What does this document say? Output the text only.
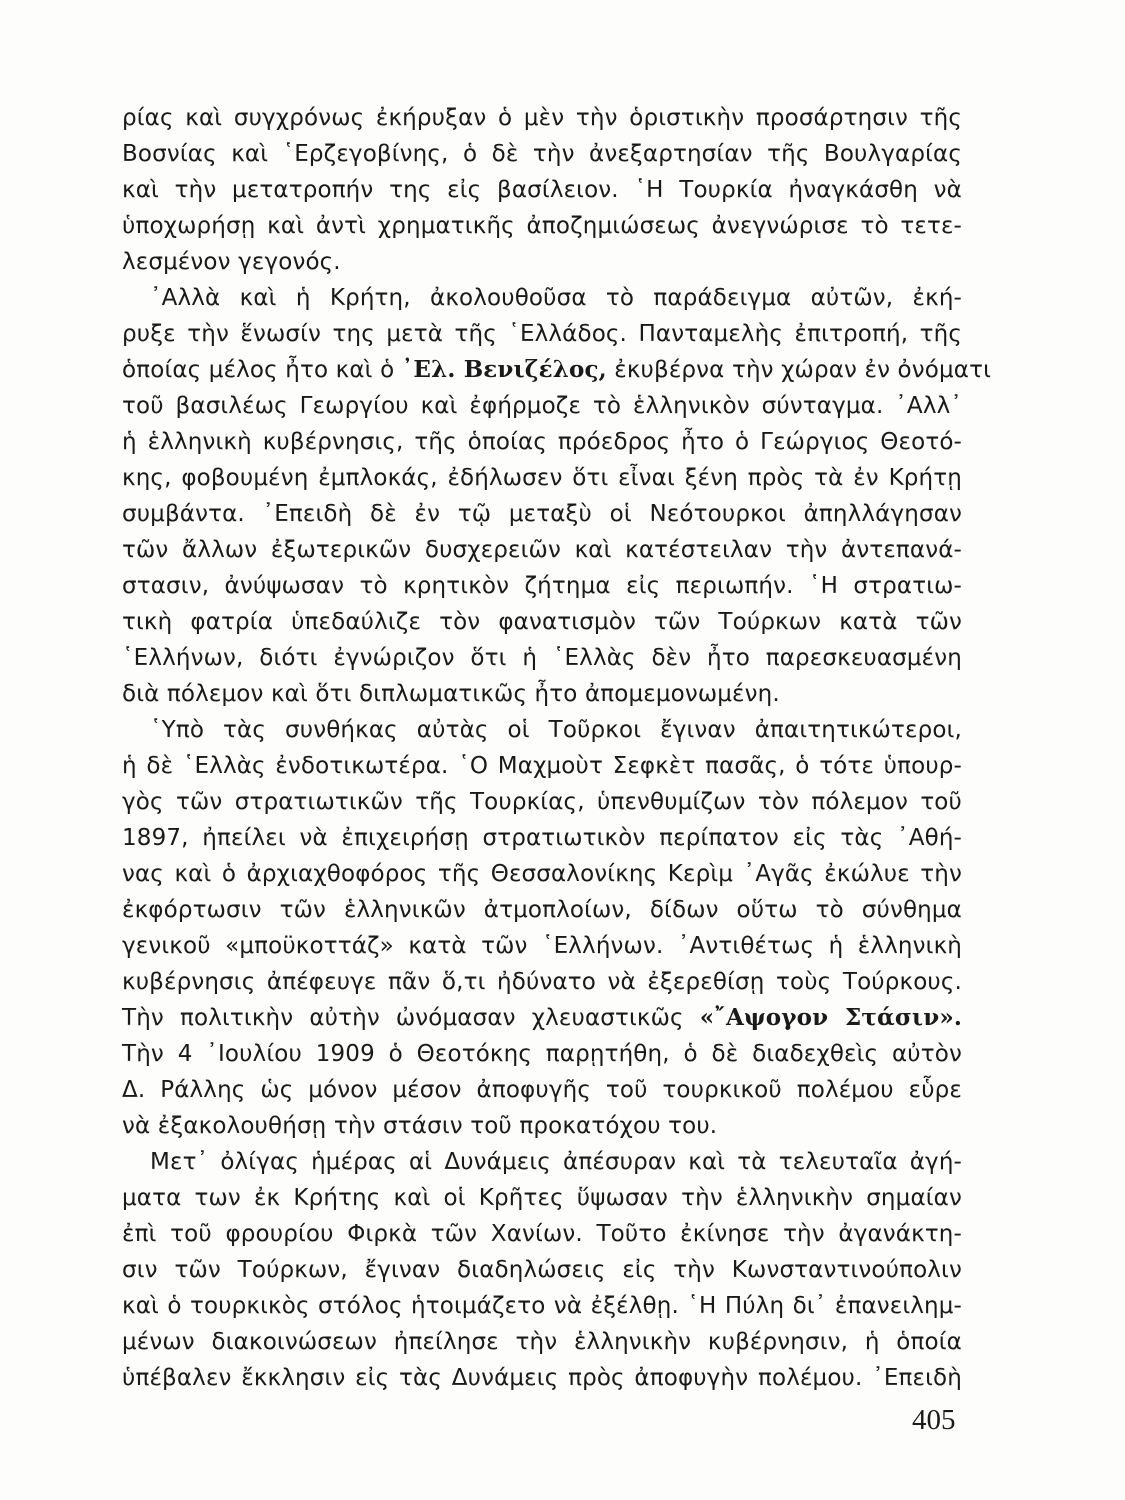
ρίας καὶ συγχρόνως ἐκήρυξαν ὁ μὲν τὴν ὁριστικὴν προσάρτησιν τῆς
Βοσνίας καὶ ῾Ερζεγοβίνης, ὁ δὲ τὴν ἀνεξαρτησίαν τῆς Βουλγαρίας
καὶ τὴν μετατροπήν της εἰς βασίλειον. ῾Η Τουρκία ἠναγκάσθη νὰ
ὑποχωρήσῃ καὶ ἀντὶ χρηματικῆς ἀποζημιώσεως ἀνεγνώρισε τὸ τετε-
λεσμένον γεγονός.
᾿Αλλὰ καὶ ἡ Κρήτη, ἀκολουθοῦσα τὸ παράδειγμα αὐτῶν, ἐκή-
ρυξε τὴν ἕνωσίν της μετὰ τῆς ῾Ελλάδος. Πανταμελὴς ἐπιτροπή, τῆς
ὁποίας μέλος ἦτο καὶ ὁ ᾿Ελ. Βενιζέλος, ἐκυβέρνα τὴν χώραν ἐν ὀνόματι
τοῦ βασιλέως Γεωργίου καὶ ἐφήρμοζε τὸ ἑλληνικὸν σύνταγμα. ᾿Αλλ᾿
ἡ ἑλληνικὴ κυβέρνησις, τῆς ὁποίας πρόεδρος ἦτο ὁ Γεώργιος Θεοτό-
κης, φοβουμένη ἐμπλοκάς, ἐδήλωσεν ὅτι εἶναι ξένη πρὸς τὰ ἐν Κρήτῃ
συμβάντα. ᾿Επειδὴ δὲ ἐν τῷ μεταξὺ οἱ Νεότουρκοι ἀπηλλάγησαν
τῶν ἄλλων ἐξωτερικῶν δυσχερειῶν καὶ κατέστειλαν τὴν ἀντεπανά-
στασιν, ἀνύψωσαν τὸ κρητικὸν ζήτημα εἰς περιωπήν. ῾Η στρατιω-
τικὴ φατρία ὑπεδαύλιζε τὸν φανατισμὸν τῶν Τούρκων κατὰ τῶν
῾Ελλήνων, διότι ἐγνώριζον ὅτι ἡ ῾Ελλὰς δὲν ἦτο παρεσκευασμένη
διὰ πόλεμον καὶ ὅτι διπλωματικῶς ἦτο ἀπομεμονωμένη.
῾Υπὸ τὰς συνθήκας αὐτὰς οἱ Τοῦρκοι ἔγιναν ἀπαιτητικώτεροι,
ἡ δὲ ῾Ελλὰς ἐνδοτικωτέρα. ῾Ο Μαχμοὺτ Σεφκὲτ πασᾶς, ὁ τότε ὑπουρ-
γὸς τῶν στρατιωτικῶν τῆς Τουρκίας, ὑπενθυμίζων τὸν πόλεμον τοῦ
1897, ἠπείλει νὰ ἐπιχειρήσῃ στρατιωτικὸν περίπατον εἰς τὰς ᾿Αθή-
νας καὶ ὁ ἀρχιαχθοφόρος τῆς Θεσσαλονίκης Κερὶμ ᾿Αγᾶς ἐκώλυε τὴν
ἐκφόρτωσιν τῶν ἑλληνικῶν ἀτμοπλοίων, δίδων οὕτω τὸ σύνθημα
γενικοῦ «μποϋκοττάζ» κατὰ τῶν ῾Ελλήνων. ᾿Αντιθέτως ἡ ἑλληνικὴ
κυβέρνησις ἀπέφευγε πᾶν ὅ,τι ἠδύνατο νὰ ἐξερεθίσῃ τοὺς Τούρκους.
Τὴν πολιτικὴν αὐτὴν ὠνόμασαν χλευαστικῶς «῎Αψογον Στάσιν».
Τὴν 4 ᾿Ιουλίου 1909 ὁ Θεοτόκης παρῃτήθη, ὁ δὲ διαδεχθεὶς αὐτὸν
Δ. Ράλλης ὡς μόνον μέσον ἀποφυγῆς τοῦ τουρκικοῦ πολέμου εὗρε
νὰ ἐξακολουθήσῃ τὴν στάσιν τοῦ προκατόχου του.
Μετ᾿ ὀλίγας ἡμέρας αἱ Δυνάμεις ἀπέσυραν καὶ τὰ τελευταῖα ἀγή-
ματα των ἐκ Κρήτης καὶ οἱ Κρῆτες ὕψωσαν τὴν ἑλληνικὴν σημαίαν
ἐπὶ τοῦ φρουρίου Φιρκὰ τῶν Χανίων. Τοῦτο ἐκίνησε τὴν ἀγανάκτη-
σιν τῶν Τούρκων, ἔγιναν διαδηλώσεις εἰς τὴν Κωνσταντινούπολιν
καὶ ὁ τουρκικὸς στόλος ἡτοιμάζετο νὰ ἐξέλθῃ. ῾Η Πύλη δι᾿ ἐπανειλημ-
μένων διακοινώσεων ἠπείλησε τὴν ἑλληνικὴν κυβέρνησιν, ἡ ὁποία
ὑπέβαλεν ἔκκλησιν εἰς τὰς Δυνάμεις πρὸς ἀποφυγὴν πολέμου. ᾿Επειδὴ
405
